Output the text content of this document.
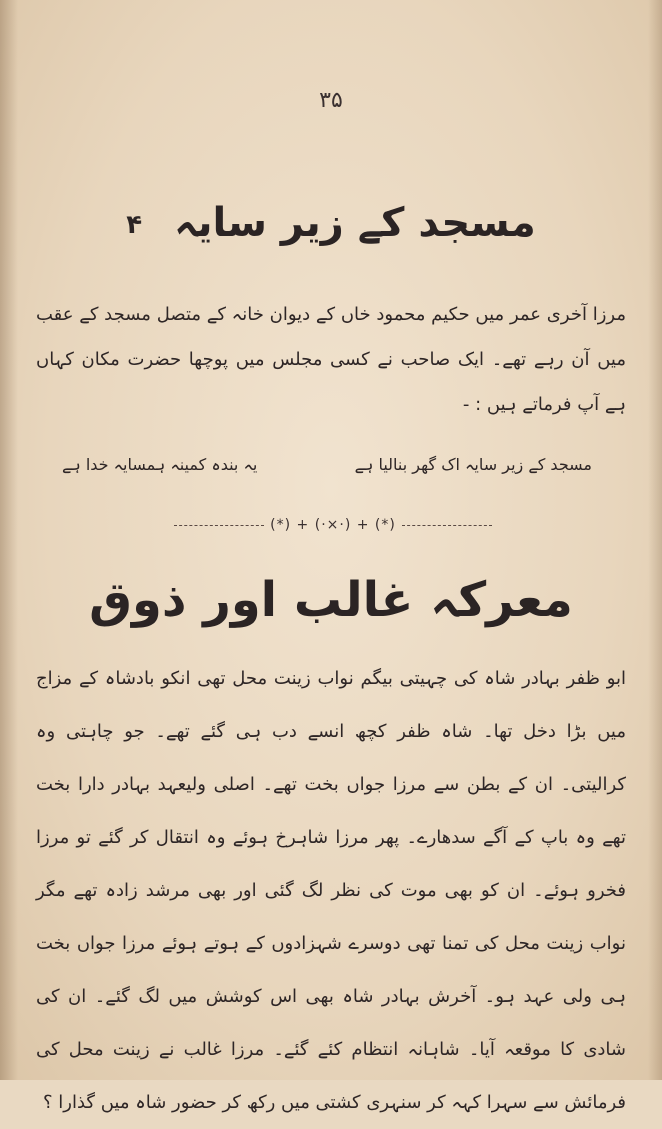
۳۵
مسجد کے زیر سایہ ۴

مرزا آخری عمر میں حکیم محمود خاں کے دیوان خانہ کے متصل مسجد کے عقب میں آن رہے تھے۔ ایک صاحب نے کسی مجلس میں پوچھا حضرت مکان کہاں ہے آپ فرماتے ہیں : -

مسجد کے زیر سایہ اک گھر بنالیا ہے
یہ بندہ کمینہ ہمسایہ خدا ہے
(*) + (·×·) + (*)
معرکہ غالب اور ذوق

ابو ظفر بہادر شاہ کی چہیتی بیگم نواب زینت محل تھی انکو بادشاہ کے مزاج میں بڑا دخل تھا۔ شاہ ظفر کچھ انسے دب ہی گئے تھے۔ جو چاہتی وہ کرالیتی۔ ان کے بطن سے مرزا جواں بخت تھے۔ اصلی ولیعہد بہادر دارا بخت تھے وہ باپ کے آگے سدھارے۔ پھر مرزا شاہرخ ہوئے وہ انتقال کر گئے تو مرزا فخرو ہوئے۔ ان کو بھی موت کی نظر لگ گئی اور بھی مرشد زادہ تھے مگر نواب زینت محل کی تمنا تھی دوسرے شہزادوں کے ہوتے ہوئے مرزا جواں بخت ہی ولی عہد ہو۔ آخرش بہادر شاہ بھی اس کوشش میں لگ گئے۔ ان کی شادی کا موقعہ آیا۔ شاہانہ انتظام کئے گئے۔ مرزا غالب نے زینت محل کی فرمائش سے سہرا کہہ کر سنہری کشتی میں رکھ کر حضور شاہ میں گذارا ؟
